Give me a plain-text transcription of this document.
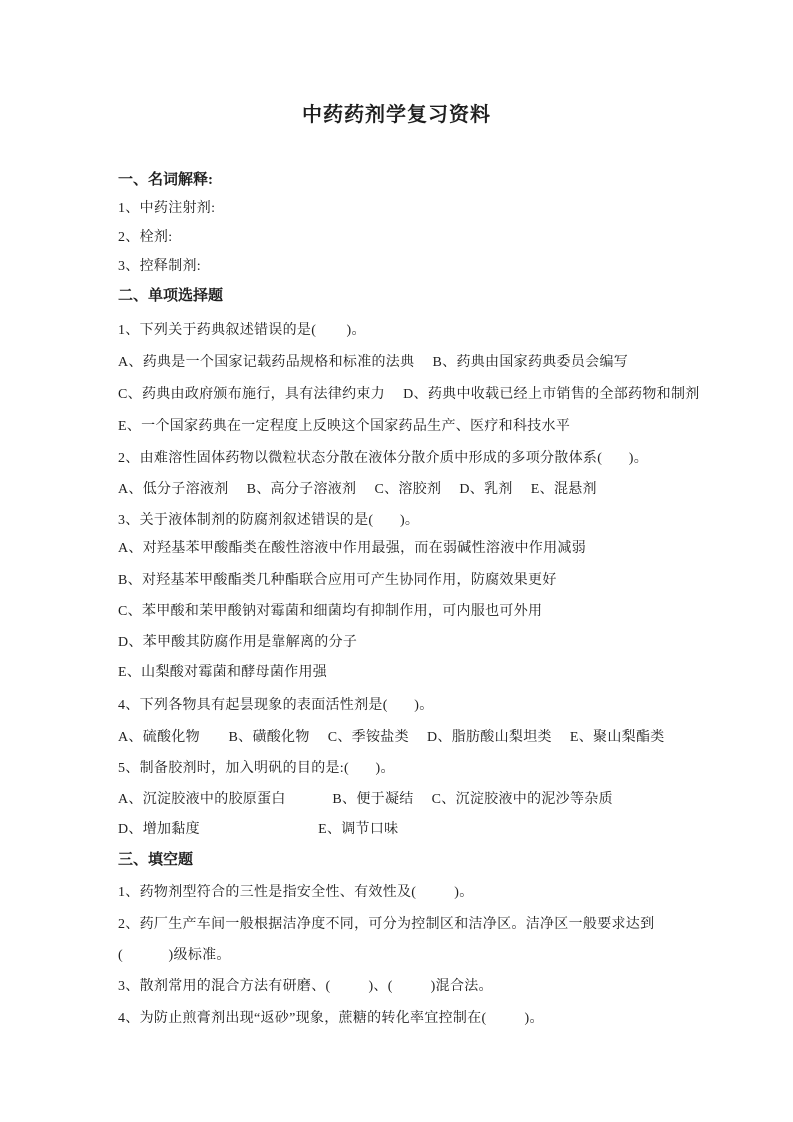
中药药剂学复习资料
一、名词解释:
1、中药注射剂:
2、栓剂:
3、控释制剂:
二、单项选择题
1、下列关于药典叙述错误的是(        )。
A、药典是一个国家记载药品规格和标准的法典　 B、药典由国家药典委员会编写
C、药典由政府颁布施行，具有法律约束力　 D、药典中收载已经上市销售的全部药物和制剂
E、一个国家药典在一定程度上反映这个国家药品生产、医疗和科技水平
2、由难溶性固体药物以微粒状态分散在液体分散介质中形成的多项分散体系(       )。
A、低分子溶液剂　 B、高分子溶液剂　 C、溶胶剂　 D、乳剂　 E、混悬剂
3、关于液体制剂的防腐剂叙述错误的是(       )。
A、对羟基苯甲酸酯类在酸性溶液中作用最强，而在弱碱性溶液中作用减弱
B、对羟基苯甲酸酯类几种酯联合应用可产生协同作用，防腐效果更好
C、苯甲酸和茉甲酸钠对霉菌和细菌均有抑制作用，可内服也可外用
D、苯甲酸其防腐作用是靠解离的分子
E、山梨酸对霉菌和酵母菌作用强
4、下列各物具有起昙现象的表面活性剂是(       )。
A、硫酸化物　　B、磺酸化物　 C、季铵盐类　 D、脂肪酸山梨坦类　 E、聚山梨酯类
5、制备胶剂时，加入明矾的目的是:(       )。
A、沉淀胶液中的胶原蛋白　　　 B、便于凝结　 C、沉淀胶液中的泥沙等杂质
D、增加黏度　　　　　　　　 E、调节口味
三、填空题
1、药物剂型符合的三性是指安全性、有效性及(          )。
2、药厂生产车间一般根据洁净度不同，可分为控制区和洁净区。洁净区一般要求达到
(            )级标准。
3、散剂常用的混合方法有研磨、(          )、(          )混合法。
4、为防止煎膏剂出现“返砂”现象，蔗糖的转化率宜控制在(          )。
